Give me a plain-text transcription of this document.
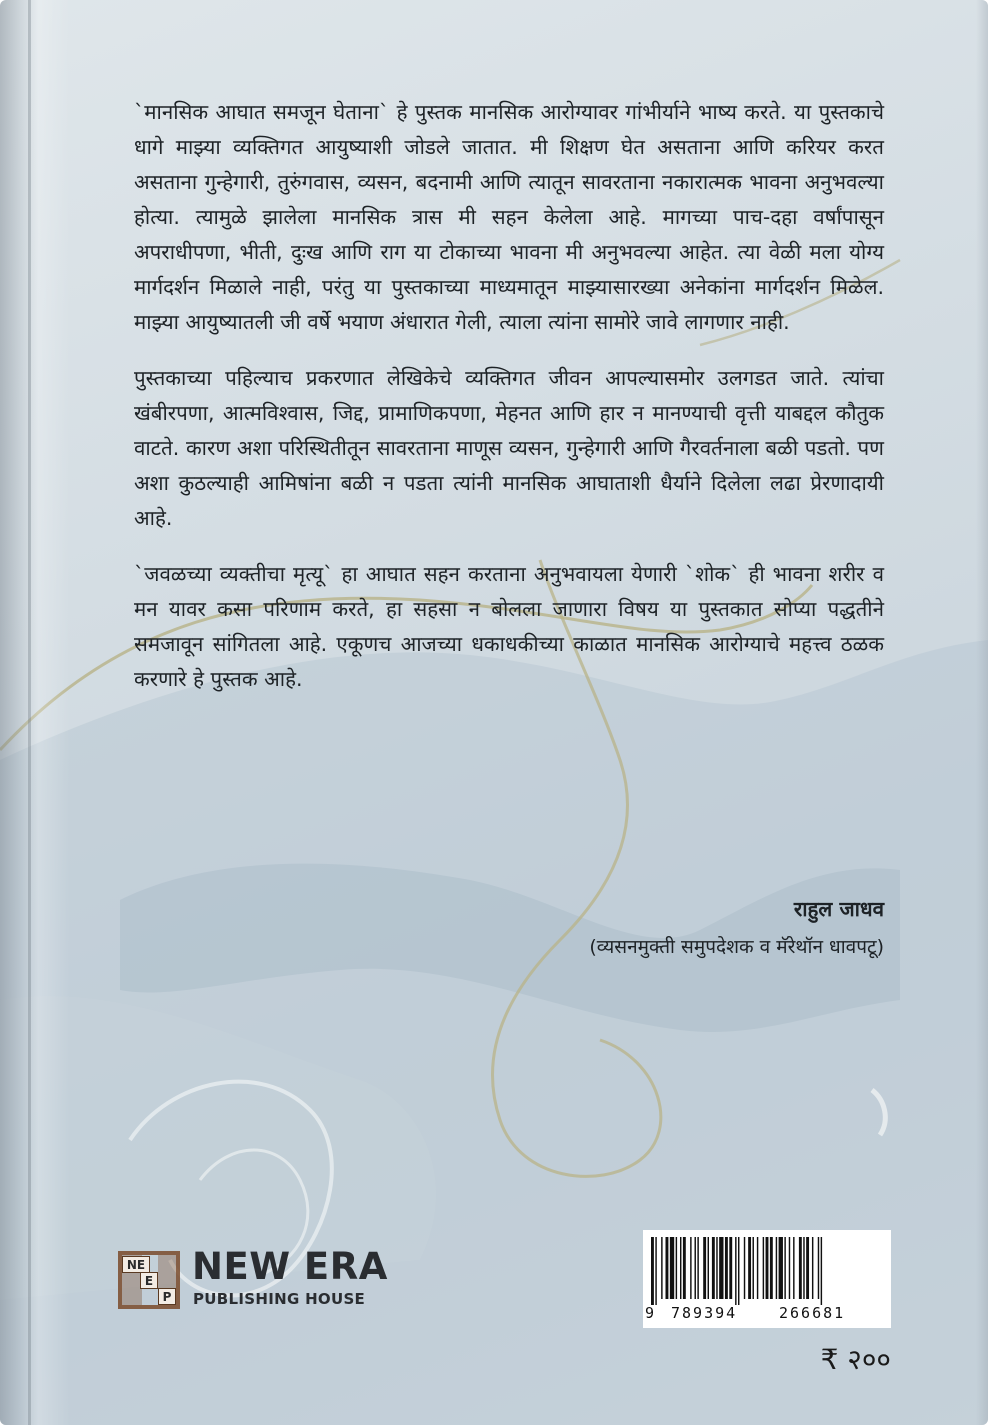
`मानसिक आघात समजून घेताना` हे पुस्तक मानसिक आरोग्यावर गांभीर्याने भाष्य करते. या पुस्तकाचे धागे माझ्या व्यक्तिगत आयुष्याशी जोडले जातात. मी शिक्षण घेत असताना आणि करियर करत असताना गुन्हेगारी, तुरुंगवास, व्यसन, बदनामी आणि त्यातून सावरताना नकारात्मक भावना अनुभवल्या होत्या. त्यामुळे झालेला मानसिक त्रास मी सहन केलेला आहे. मागच्या पाच-दहा वर्षांपासून अपराधीपणा, भीती, दुःख आणि राग या टोकाच्या भावना मी अनुभवल्या आहेत. त्या वेळी मला योग्य मार्गदर्शन मिळाले नाही, परंतु या पुस्तकाच्या माध्यमातून माझ्यासारख्या अनेकांना मार्गदर्शन मिळेल. माझ्या आयुष्यातली जी वर्षे भयाण अंधारात गेली, त्याला त्यांना सामोरे जावे लागणार नाही.

पुस्तकाच्या पहिल्याच प्रकरणात लेखिकेचे व्यक्तिगत जीवन आपल्यासमोर उलगडत जाते. त्यांचा खंबीरपणा, आत्मविश्वास, जिद्द, प्रामाणिकपणा, मेहनत आणि हार न मानण्याची वृत्ती याबद्दल कौतुक वाटते. कारण अशा परिस्थितीतून सावरताना माणूस व्यसन, गुन्हेगारी आणि गैरवर्तनाला बळी पडतो. पण अशा कुठल्याही आमिषांना बळी न पडता त्यांनी मानसिक आघाताशी धैर्याने दिलेला लढा प्रेरणादायी आहे.

`जवळच्या व्यक्तीचा मृत्यू` हा आघात सहन करताना अनुभवायला येणारी `शोक` ही भावना शरीर व मन यावर कसा परिणाम करते, हा सहसा न बोलला जाणारा विषय या पुस्तकात सोप्या पद्धतीने समजावून सांगितला आहे. एकूणच आजच्या धकाधकीच्या काळात मानसिक आरोग्याचे महत्त्व ठळक करणारे हे पुस्तक आहे.

राहुल जाधव
(व्यसनमुक्ती समुपदेशक व मॅरेथॉन धावपटू)
NE
E
P
NEW ERA
PUBLISHING HOUSE
9 789394	266681
₹ २००
